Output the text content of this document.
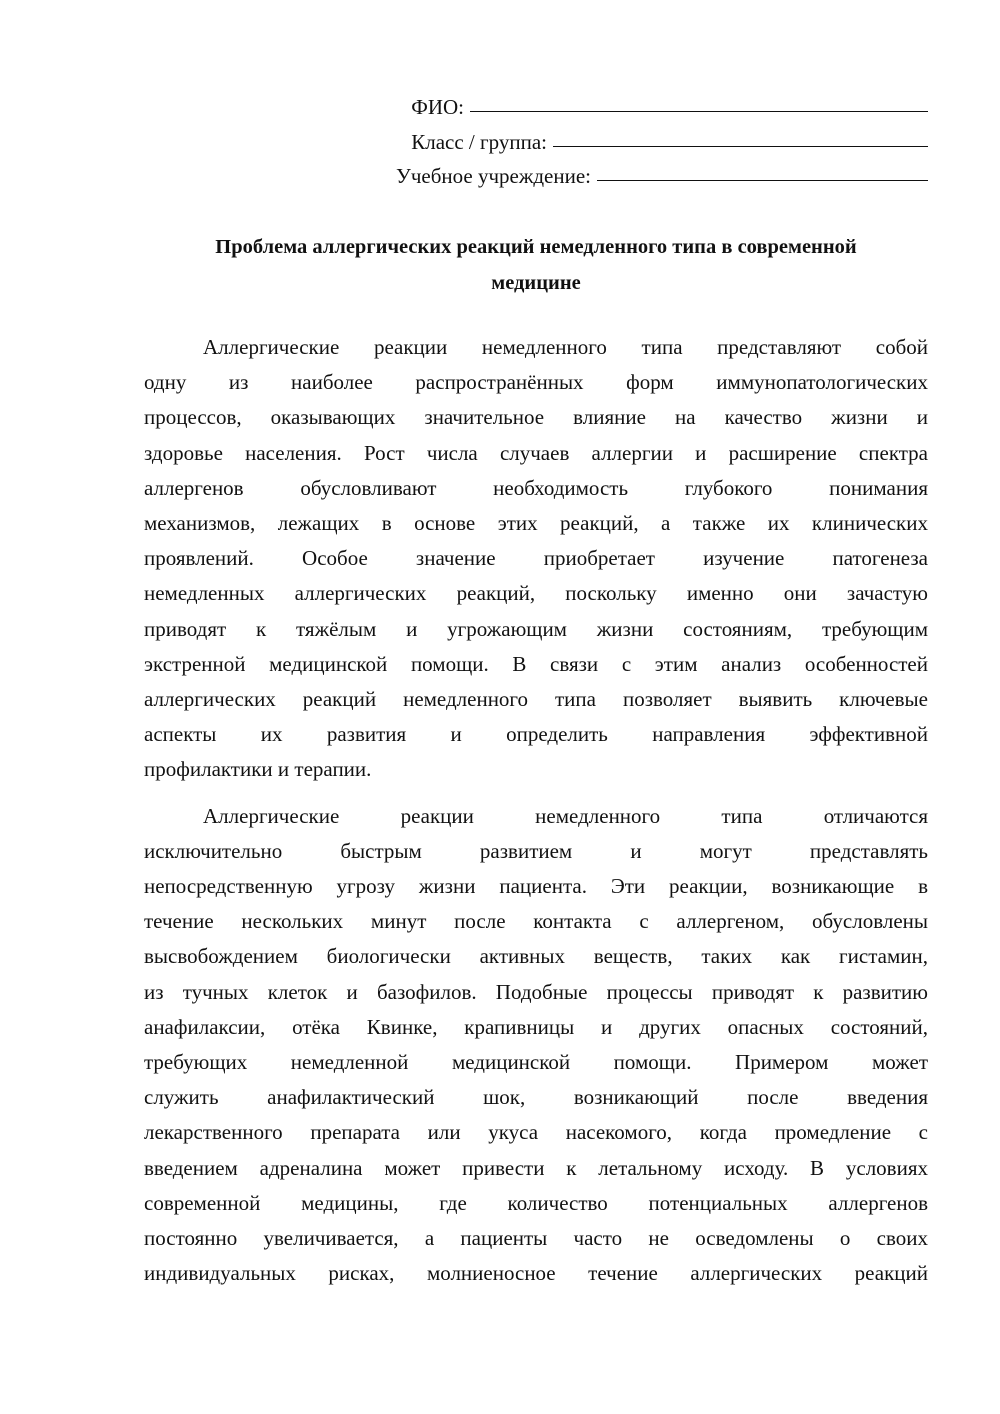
ФИО:
Класс / группа:
Учебное учреждение:
Проблема аллергических реакций немедленного типа в современной
медицине

Аллергические реакции немедленного типа представляют собой
одну из наиболее распространённых форм иммунопатологических
процессов, оказывающих значительное влияние на качество жизни и
здоровье населения. Рост числа случаев аллергии и расширение спектра
аллергенов обусловливают необходимость глубокого понимания
механизмов, лежащих в основе этих реакций, а также их клинических
проявлений. Особое значение приобретает изучение патогенеза
немедленных аллергических реакций, поскольку именно они зачастую
приводят к тяжёлым и угрожающим жизни состояниям, требующим
экстренной медицинской помощи. В связи с этим анализ особенностей
аллергических реакций немедленного типа позволяет выявить ключевые
аспекты их развития и определить направления эффективной
профилактики и терапии.

Аллергические реакции немедленного типа отличаются
исключительно быстрым развитием и могут представлять
непосредственную угрозу жизни пациента. Эти реакции, возникающие в
течение нескольких минут после контакта с аллергеном, обусловлены
высвобождением биологически активных веществ, таких как гистамин,
из тучных клеток и базофилов. Подобные процессы приводят к развитию
анафилаксии, отёка Квинке, крапивницы и других опасных состояний,
требующих немедленной медицинской помощи. Примером может
служить анафилактический шок, возникающий после введения
лекарственного препарата или укуса насекомого, когда промедление с
введением адреналина может привести к летальному исходу. В условиях
современной медицины, где количество потенциальных аллергенов
постоянно увеличивается, а пациенты часто не осведомлены о своих
индивидуальных рисках, молниеносное течение аллергических реакций
